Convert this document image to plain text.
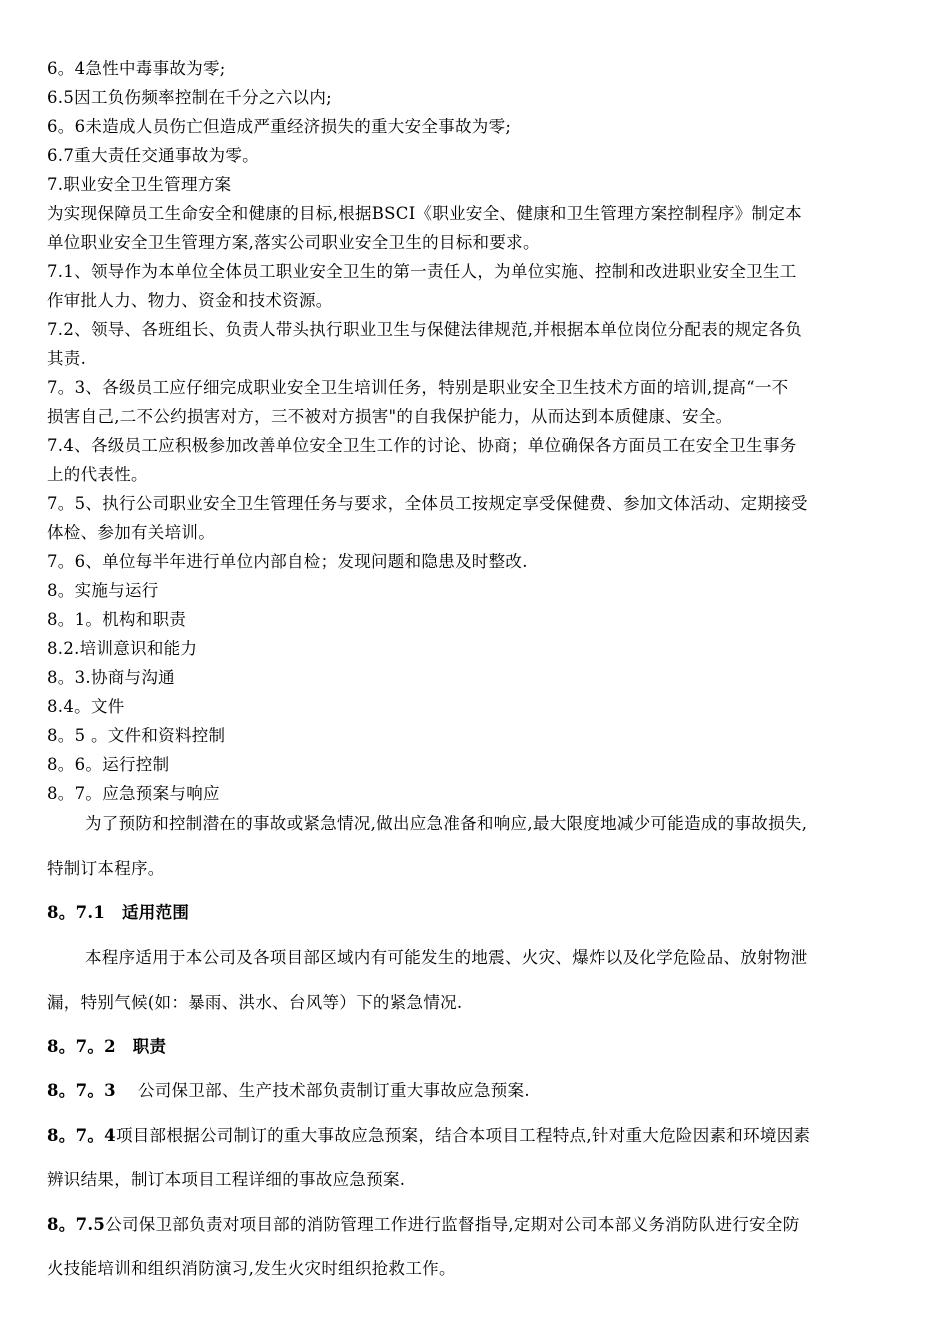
6。4急性中毒事故为零;
6.5因工负伤频率控制在千分之六以内;
6。6未造成人员伤亡但造成严重经济损失的重大安全事故为零;
6.7重大责任交通事故为零。
7.职业安全卫生管理方案
为实现保障员工生命安全和健康的目标,根据BSCI《职业安全、健康和卫生管理方案控制程序》制定本
单位职业安全卫生管理方案,落实公司职业安全卫生的目标和要求。
7.1、领导作为本单位全体员工职业安全卫生的第一责任人，为单位实施、控制和改进职业安全卫生工
作审批人力、物力、资金和技术资源。
7.2、领导、各班组长、负责人带头执行职业卫生与保健法律规范,并根据本单位岗位分配表的规定各负
其责.
7。3、各级员工应仔细完成职业安全卫生培训任务，特别是职业安全卫生技术方面的培训,提高“一不
损害自己,二不公约损害对方，三不被对方损害"的自我保护能力，从而达到本质健康、安全。
7.4、各级员工应积极参加改善单位安全卫生工作的讨论、协商；单位确保各方面员工在安全卫生事务
上的代表性。
7。5、执行公司职业安全卫生管理任务与要求，全体员工按规定享受保健费、参加文体活动、定期接受
体检、参加有关培训。
7。6、单位每半年进行单位内部自检；发现问题和隐患及时整改.
8。实施与运行
8。1。机构和职责
8.2.培训意识和能力
8。3.协商与沟通
8.4。文件
8。5 。文件和资料控制
8。6。运行控制
8。7。应急预案与响应
为了预防和控制潜在的事故或紧急情况,做出应急准备和响应,最大限度地减少可能造成的事故损失,
特制订本程序。
8。7.1　适用范围
本程序适用于本公司及各项目部区域内有可能发生的地震、火灾、爆炸以及化学危险品、放射物泄
漏，特别气候(如：暴雨、洪水、台风等）下的紧急情况.
8。7。2　职责
8。7。3 公司保卫部、生产技术部负责制订重大事故应急预案.
8。7。4项目部根据公司制订的重大事故应急预案，结合本项目工程特点,针对重大危险因素和环境因素
辨识结果，制订本项目工程详细的事故应急预案.
8。7.5公司保卫部负责对项目部的消防管理工作进行监督指导,定期对公司本部义务消防队进行安全防
火技能培训和组织消防演习,发生火灾时组织抢救工作。
